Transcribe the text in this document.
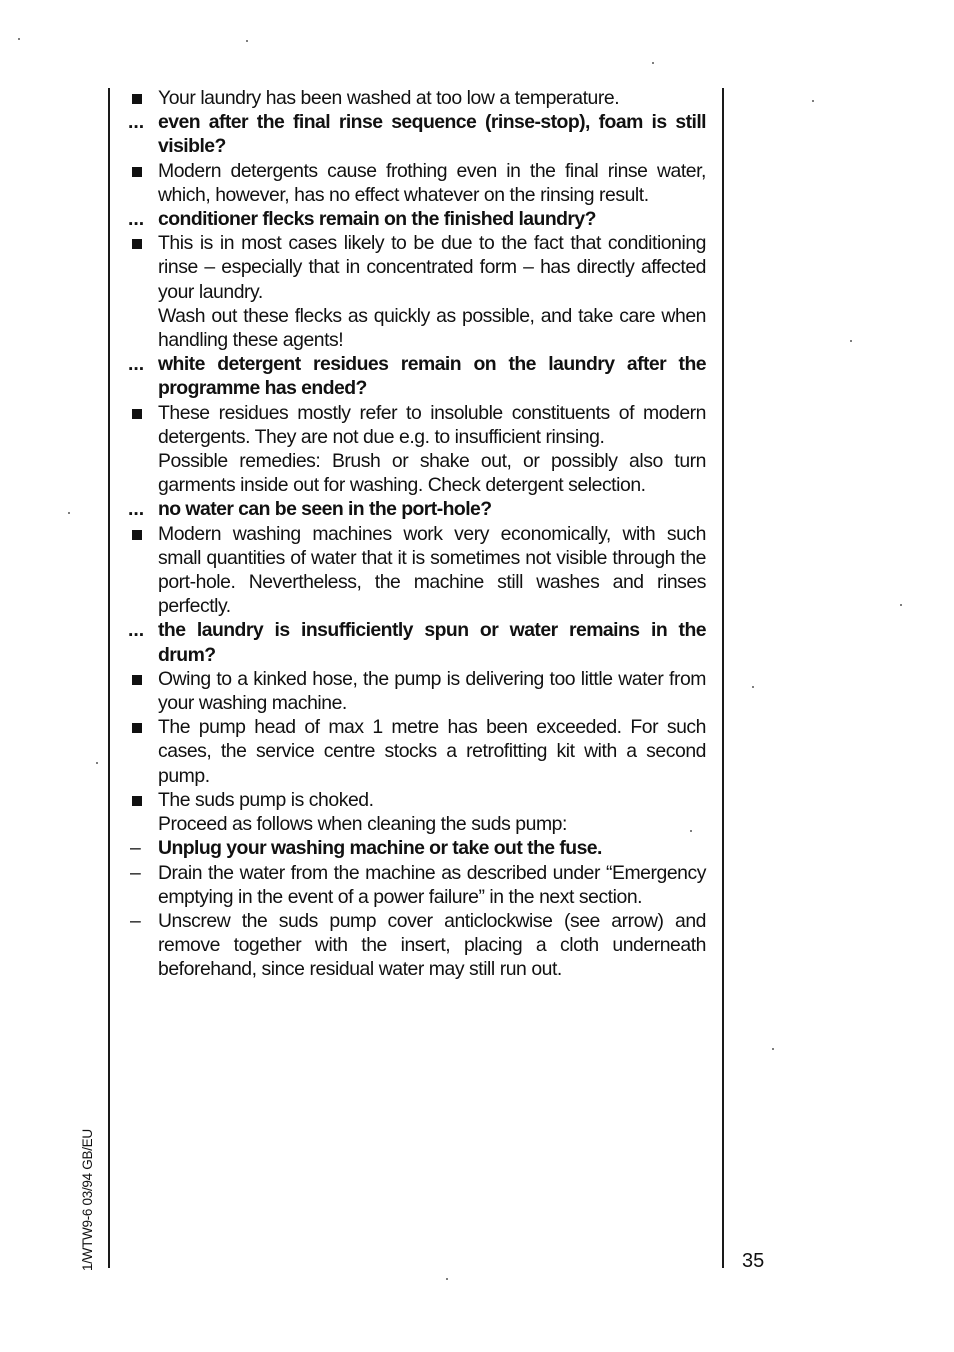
Your laundry has been washed at too low a temperature.
... even after the final rinse sequence (rinse-stop), foam is still visible?
Modern detergents cause frothing even in the final rinse water, which, however, has no effect whatever on the rinsing result.
... conditioner flecks remain on the finished laundry?
This is in most cases likely to be due to the fact that conditioning rinse – especially that in concentrated form – has directly affected your laundry.
Wash out these flecks as quickly as possible, and take care when handling these agents!
... white detergent residues remain on the laundry after the programme has ended?
These residues mostly refer to insoluble constituents of modern detergents. They are not due e.g. to insufficient rinsing.
Possible remedies: Brush or shake out, or possibly also turn garments inside out for washing. Check detergent selection.
... no water can be seen in the port-hole?
Modern washing machines work very economically, with such small quantities of water that it is sometimes not visible through the port-hole. Nevertheless, the machine still washes and rinses perfectly.
... the laundry is insufficiently spun or water remains in the drum?
Owing to a kinked hose, the pump is delivering too little water from your washing machine.
The pump head of max 1 metre has been exceeded. For such cases, the service centre stocks a retrofitting kit with a second pump.
The suds pump is choked.
Proceed as follows when cleaning the suds pump:
– Unplug your washing machine or take out the fuse.
– Drain the water from the machine as described under “Emergency emptying in the event of a power failure” in the next section.
– Unscrew the suds pump cover anticlockwise (see arrow) and remove together with the insert, placing a cloth underneath beforehand, since residual water may still run out.
1/WTW9-6 03/94 GB/EU	35
